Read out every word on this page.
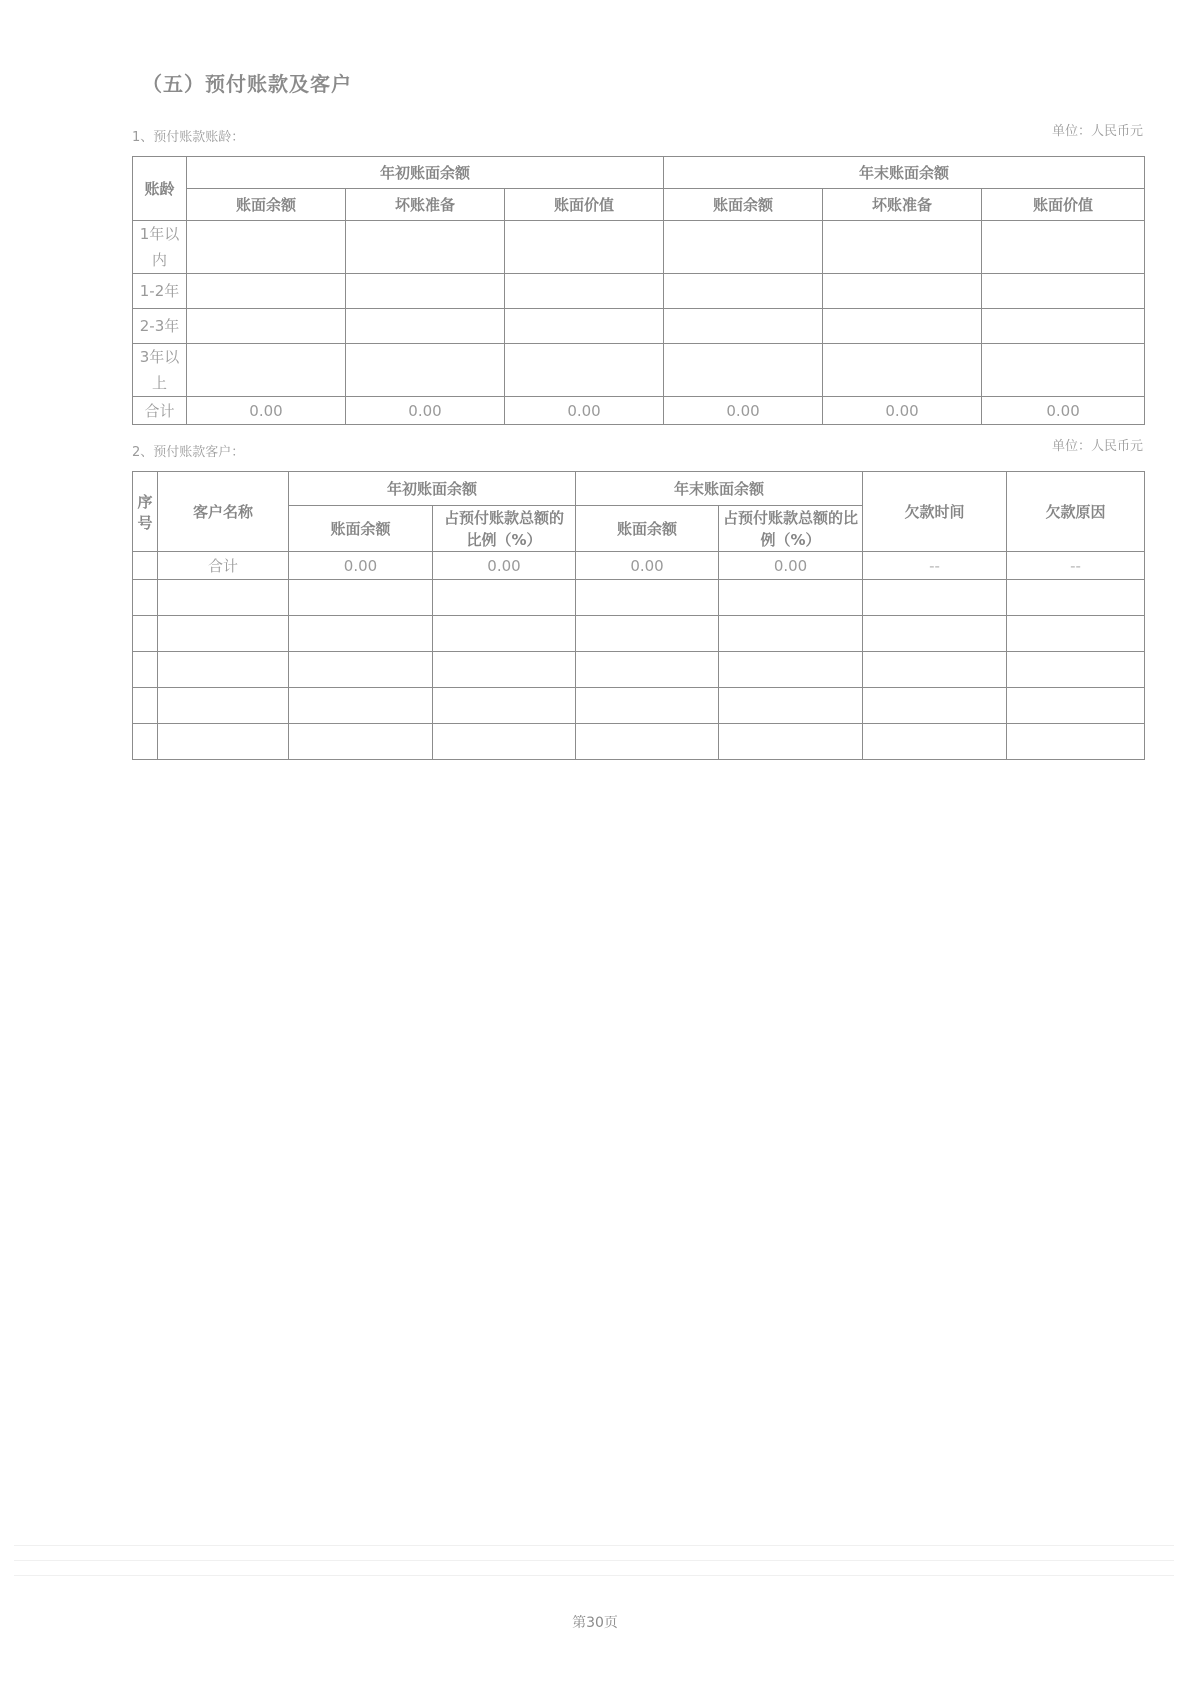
（五）预付账款及客户
1、预付账款账龄：	单位：人民币元
账龄	年初账面余额			年末账面余额		
	账面余额	坏账准备	账面价值	账面余额	坏账准备	账面价值
1年以内						
1-2年						
2-3年						
3年以上						
合计	0.00	0.00	0.00	0.00	0.00	0.00
2、预付账款客户：	单位：人民币元
序号	客户名称	年初账面余额		年末账面余额		欠款时间	欠款原因
		账面余额	占预付账款总额的比例（%）	账面余额	占预付账款总额的比例（%）		
	合计	0.00	0.00	0.00	0.00	--	--

第30页
